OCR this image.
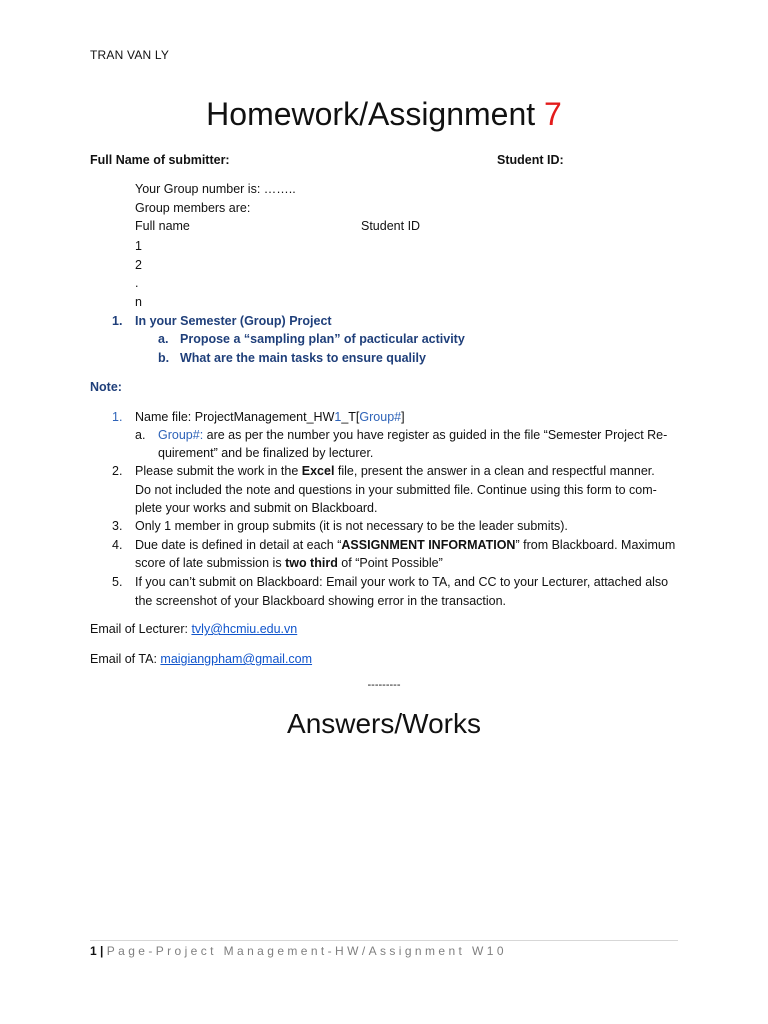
TRAN VAN LY
Homework/Assignment 7
Full Name of submitter:	Student ID:
Your Group number is: ……..
Group members are:
Full name	Student ID
1
2
.
n
1. In your Semester (Group) Project
a. Propose a “sampling plan” of pacticular activity
b. What are the main tasks to ensure qualily
Note:
1. Name file: ProjectManagement_HW1_T[Group#]
a. Group#: are as per the number you have register as guided in the file “Semester Project Re-
quirement” and be finalized by lecturer.
2. Please submit the work in the Excel file, present the answer in a clean and respectful manner.
Do not included the note and questions in your submitted file. Continue using this form to com-
plete your works and submit on Blackboard.
3. Only 1 member in group submits (it is not necessary to be the leader submits).
4. Due date is defined in detail at each “ASSIGNMENT INFORMATION” from Blackboard. Maximum
score of late submission is two third of “Point Possible”
5. If you can’t submit on Blackboard: Email your work to TA, and CC to your Lecturer, attached also
the screenshot of your Blackboard showing error in the transaction.
Email of Lecturer: tvly@hcmiu.edu.vn
Email of TA: maigiangpham@gmail.com
---------
Answers/Works
1 | Page-Project Management-HW/Assignment W10
